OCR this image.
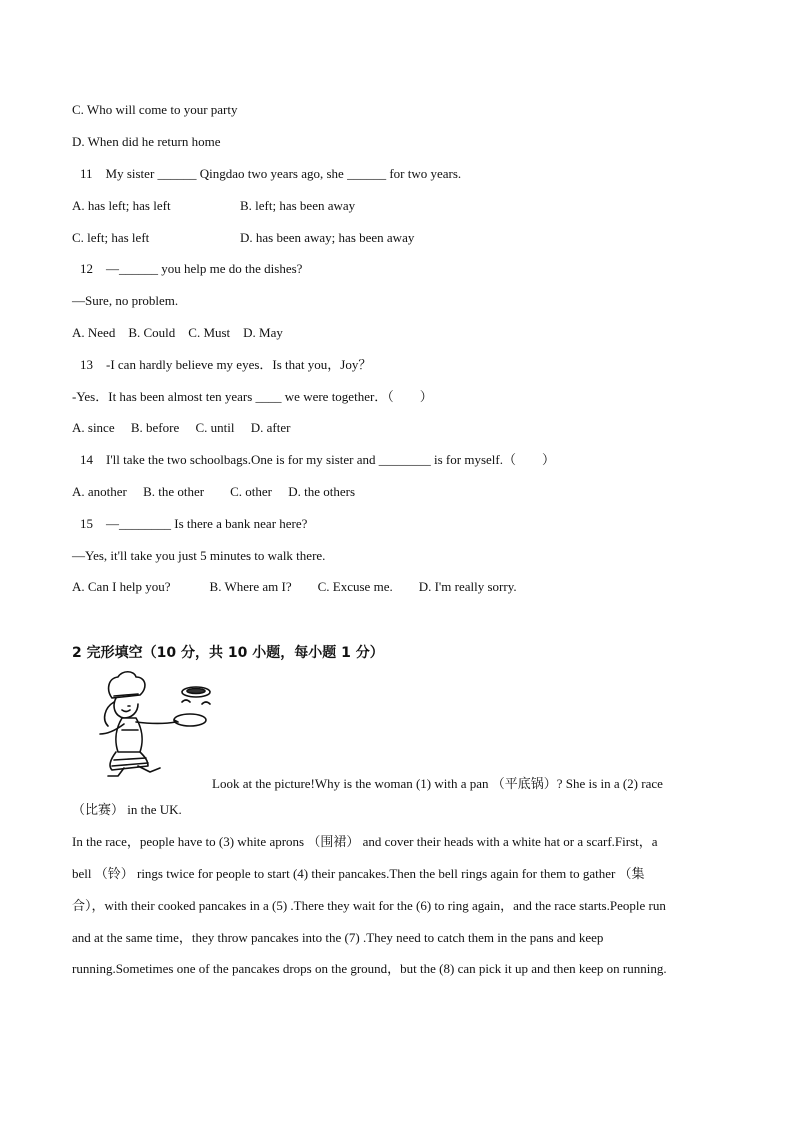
C. Who will come to your party
D. When did he return home
11　My sister ______ Qingdao two years ago, she ______ for two years.
A. has left; has left	B. left; has been away
C. left; has left	D. has been away; has been away
12　—______ you help me do the dishes?
—Sure, no problem.
A. Need　B. Could　C. Must　D. May
13　-I can hardly believe my eyes．Is that you，Joy？
-Yes．It has been almost ten years ____ we were together．（　　）
A. since　 B. before　 C. until　 D. after
14　I'll take the two schoolbags.One is for my sister and ________ is for myself.（　　）
A. another　 B. the other　　C. other　 D. the others
15　—________ Is there a bank near here?
—Yes, it'll take you just 5 minutes to walk there.
A. Can I help you?　　　B. Where am I?　　C. Excuse me.　　D. I'm really sorry.
2 完形填空（10 分，共 10 小题，每小题 1 分）
Look at the picture!Why is the woman (1) with a pan （平底锅）? She is in a (2) race
（比赛） in the UK.
In the race，people have to (3) white aprons （围裙） and cover their heads with a white hat or a scarf.First，a
bell （铃） rings twice for people to start (4) their pancakes.Then the bell rings again for them to gather （集
合），with their cooked pancakes in a (5) .There they wait for the (6) to ring again，and the race starts.People run
and at the same time，they throw pancakes into the (7) .They need to catch them in the pans and keep
running.Sometimes one of the pancakes drops on the ground，but the (8) can pick it up and then keep on running.
